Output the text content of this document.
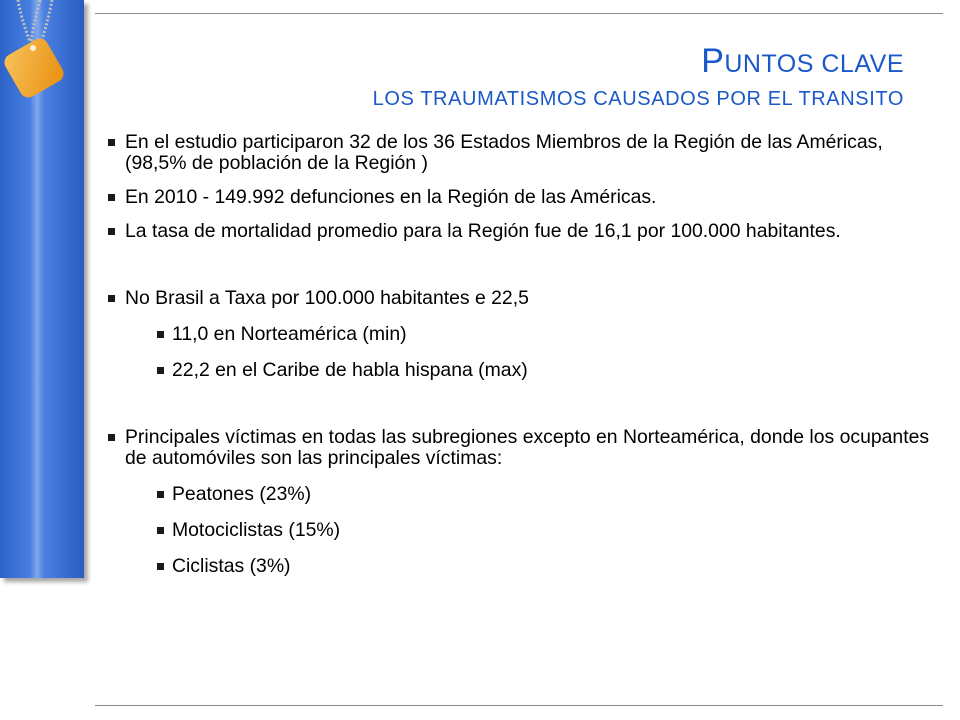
PUNTOS CLAVE
LOS TRAUMATISMOS CAUSADOS POR EL TRANSITO
En el estudio participaron 32 de los 36 Estados Miembros de la Región de las Américas, (98,5% de población de la Región )
En 2010 - 149.992 defunciones en la Región de las Américas.
La tasa de mortalidad promedio para la Región fue de 16,1 por 100.000 habitantes.
No Brasil a Taxa por 100.000 habitantes e 22,5
11,0 en Norteamérica (min)
22,2 en el Caribe de habla hispana (max)
Principales víctimas en todas las subregiones excepto en Norteamérica, donde los ocupantes de automóviles son las principales víctimas:
Peatones (23%)
Motociclistas (15%)
Ciclistas (3%)
